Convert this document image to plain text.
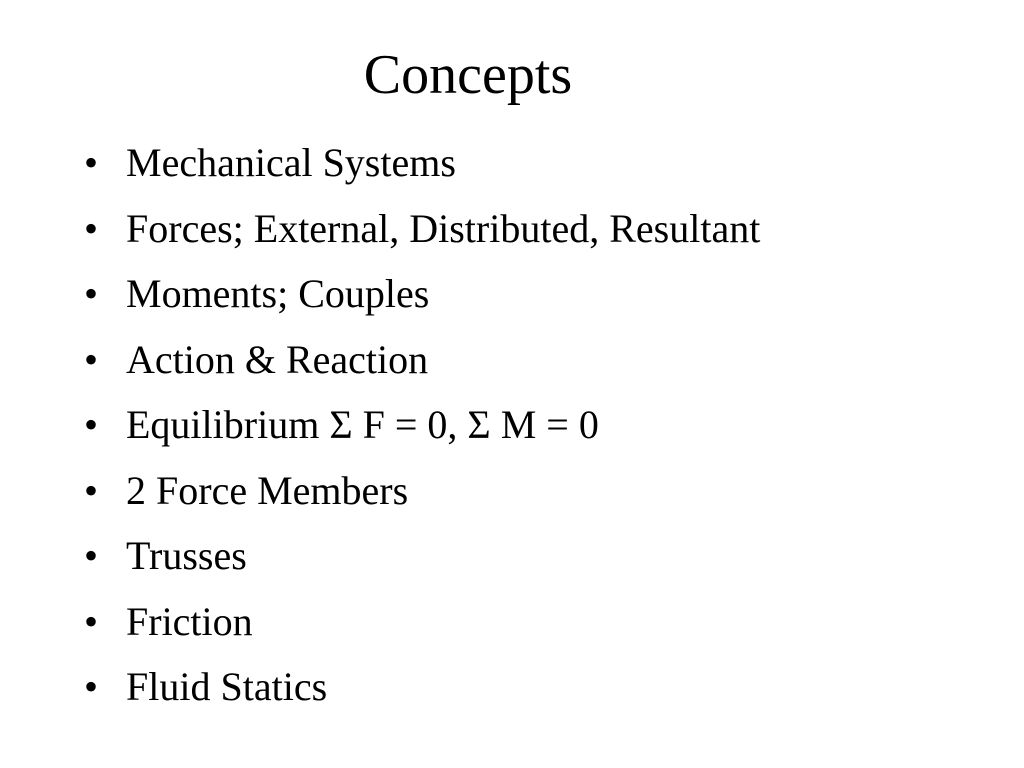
Concepts
• Mechanical Systems
• Forces; External, Distributed, Resultant
• Moments; Couples
• Action & Reaction
• Equilibrium Σ F = 0, Σ M = 0
• 2 Force Members
• Trusses
• Friction
• Fluid Statics
